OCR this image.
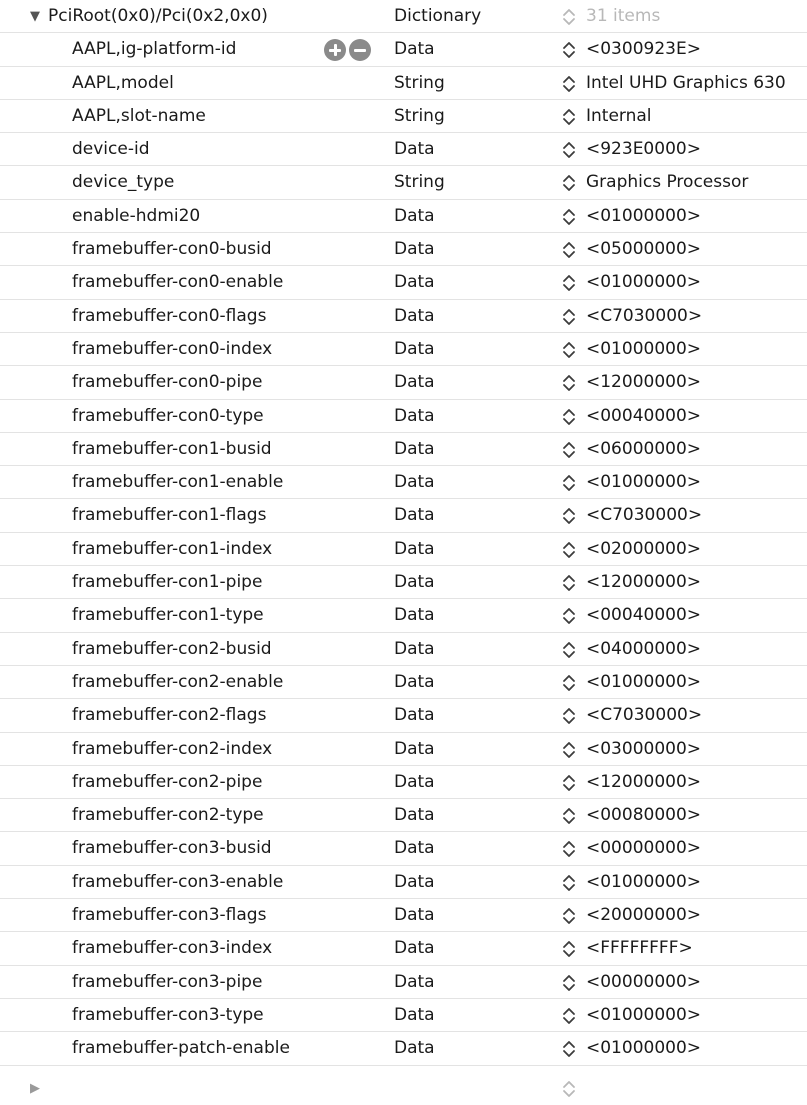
▼ PciRoot(0x0)/Pci(0x2,0x0)	Dictionary	31 items
AAPL,ig-platform-id	Data	<0300923E>
AAPL,model	String	Intel UHD Graphics 630
AAPL,slot-name	String	Internal
device-id	Data	<923E0000>
device_type	String	Graphics Processor
enable-hdmi20	Data	<01000000>
framebuffer-con0-busid	Data	<05000000>
framebuffer-con0-enable	Data	<01000000>
framebuffer-con0-flags	Data	<C7030000>
framebuffer-con0-index	Data	<01000000>
framebuffer-con0-pipe	Data	<12000000>
framebuffer-con0-type	Data	<00040000>
framebuffer-con1-busid	Data	<06000000>
framebuffer-con1-enable	Data	<01000000>
framebuffer-con1-flags	Data	<C7030000>
framebuffer-con1-index	Data	<02000000>
framebuffer-con1-pipe	Data	<12000000>
framebuffer-con1-type	Data	<00040000>
framebuffer-con2-busid	Data	<04000000>
framebuffer-con2-enable	Data	<01000000>
framebuffer-con2-flags	Data	<C7030000>
framebuffer-con2-index	Data	<03000000>
framebuffer-con2-pipe	Data	<12000000>
framebuffer-con2-type	Data	<00080000>
framebuffer-con3-busid	Data	<00000000>
framebuffer-con3-enable	Data	<01000000>
framebuffer-con3-flags	Data	<20000000>
framebuffer-con3-index	Data	<FFFFFFFF>
framebuffer-con3-pipe	Data	<00000000>
framebuffer-con3-type	Data	<01000000>
framebuffer-patch-enable	Data	<01000000>
▶
